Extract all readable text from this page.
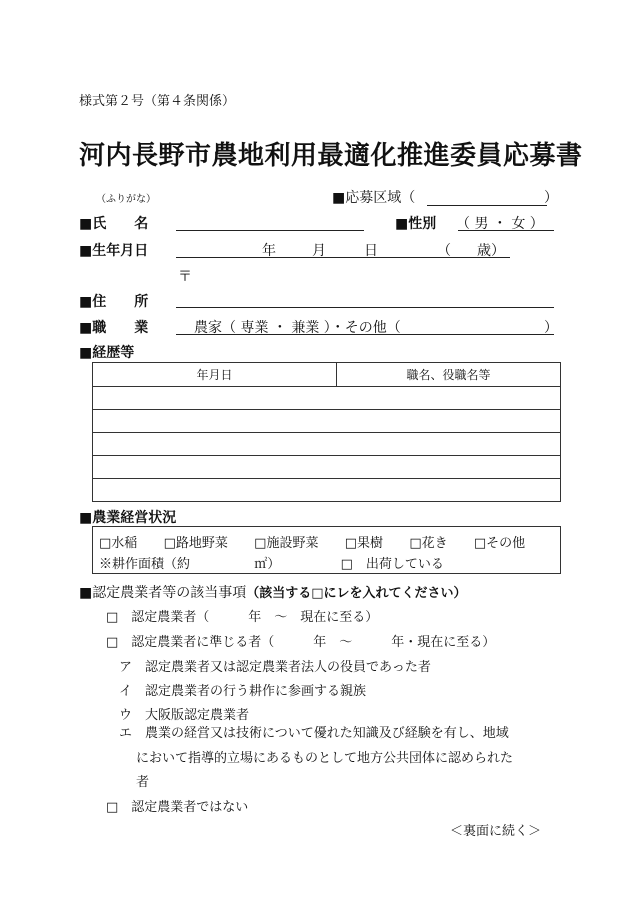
様式第２号（第４条関係）
河内長野市農地利用最適化推進委員応募書
（ふりがな）	■応募区域（	）
■氏　　名	■性別 （ 男 ・ 女 ）
■生年月日	年	月	日	（ 歳）
〒
■住　　所
■職　　業	農家（ 専業 ・ 兼業 ）・その他（	）
■経歴等
年月日	職名、役職名等

■農業経営状況
□水稲 □路地野菜 □施設野菜 □果樹 □花き □その他
※耕作面積（約	㎡）	□　出荷している
■認定農業者等の該当事項（該当する□にレを入れてください）
□　認定農業者（　　　年　～　現在に至る）
□　認定農業者に準じる者（　　　年　～　　　年・現在に至る）
ア　認定農業者又は認定農業者法人の役員であった者
イ　認定農業者の行う耕作に参画する親族
ウ　大阪版認定農業者
エ　農業の経営又は技術について優れた知識及び経験を有し、地域
において指導的立場にあるものとして地方公共団体に認められた
者
□　認定農業者ではない
＜裏面に続く＞
